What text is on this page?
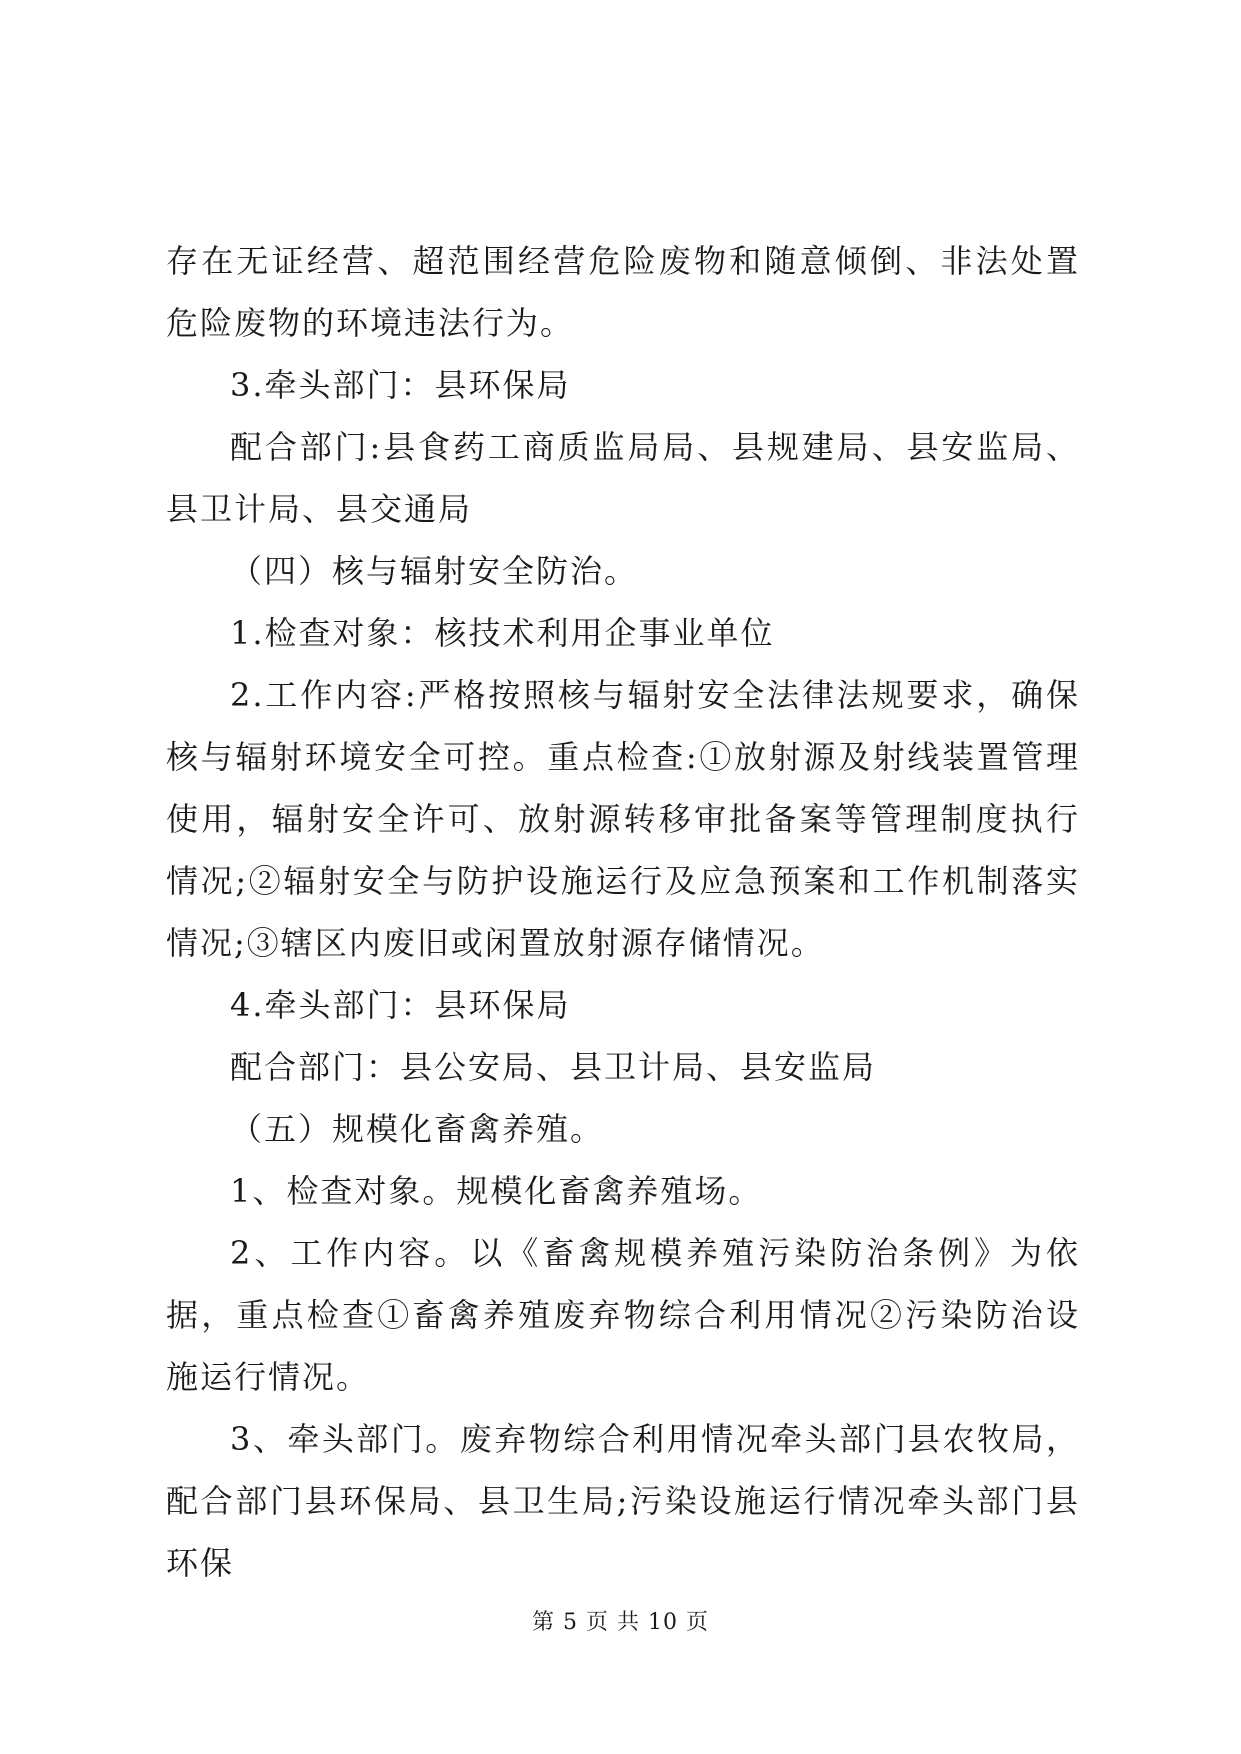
存在无证经营、超范围经营危险废物和随意倾倒、非法处置危险废物的环境违法行为。

3.牵头部门：县环保局

配合部门:县食药工商质监局局、县规建局、县安监局、县卫计局、县交通局

（四）核与辐射安全防治。

1.检查对象：核技术利用企事业单位

2.工作内容:严格按照核与辐射安全法律法规要求，确保核与辐射环境安全可控。重点检查:①放射源及射线装置管理使用，辐射安全许可、放射源转移审批备案等管理制度执行情况;②辐射安全与防护设施运行及应急预案和工作机制落实情况;③辖区内废旧或闲置放射源存储情况。

4.牵头部门：县环保局

配合部门：县公安局、县卫计局、县安监局

（五）规模化畜禽养殖。

1、检查对象。规模化畜禽养殖场。

2、工作内容。以《畜禽规模养殖污染防治条例》为依据，重点检查①畜禽养殖废弃物综合利用情况②污染防治设施运行情况。

3、牵头部门。废弃物综合利用情况牵头部门县农牧局，配合部门县环保局、县卫生局;污染设施运行情况牵头部门县环保

第 5 页 共 10 页
